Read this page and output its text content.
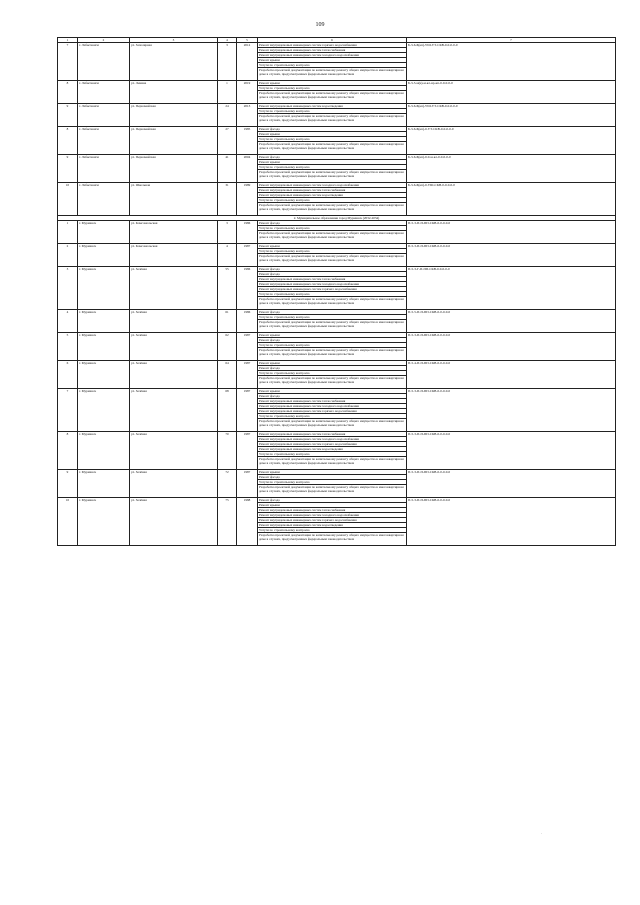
109
1	2	3	4	5	6	7
7	г. Лабытнанги	ул. Заполярная	3	2012	Ремонт внутридомовых инженерных систем горячего водоснабжения	Б-3-6-Б(кп)-УШ-УТ-СКВ-0-0-0-0-0
					Ремонт внутридомовых инженерных систем теплоснабжения	
					Ремонт внутридомовых инженерных систем холодного водоснабжения	
					Ремонт крыши	
					Услуги по строительному контролю	
					Разработка проектной документации по капитальному ремонту общего имущества в многоквартирном доме в случаях, предусмотренных федеральным законодательством	
8	г. Лабытнанги	ул. Ленина	1	2019	Ремонт крыши	Б-3-3-м(н)-м-кл-нр-кп-0-0-0-0-0
					Услуги по строительному контролю	
					Разработка проектной документации по капитальному ремонту общего имущества в многоквартирном доме в случаях, предусмотренных федеральным законодательством	
9	г. Лабытнанги	ул. Первомайская	24	2013	Ремонт внутридомовых инженерных систем водоотведения	Б-3-6-Б(кп)-УШ-УТ-СКВ-0-0-0-0-0
					Услуги по строительному контролю	
					Разработка проектной документации по капитальному ремонту общего имущества в многоквартирном доме в случаях, предусмотренных федеральным законодательством	
8	г. Лабытнанги	ул. Первомайская	27	1985	Ремонт фасада	Б-3-6-Б(кп)-0-УТ-СКВ-0-0-0-0-0
					Ремонт крыши	
					Услуги по строительному контролю	
					Разработка проектной документации по капитальному ремонту общего имущества в многоквартирном доме в случаях, предусмотренных федеральным законодательством	
9	г. Лабытнанги	ул. Первомайская	41	2004	Ремонт фасада	Б-3-6-Б(кп)-0-0-м-кл-0-0-0-0-0
					Ремонт крыши	
					Услуги по строительному контролю	
					Разработка проектной документации по капитальному ремонту общего имущества в многоквартирном доме в случаях, предусмотренных федеральным законодательством	
10	г. Лабытнанги	ул. Школьная	31	1989	Ремонт внутридомовых инженерных систем холодного водоснабжения	Б-3-6-Б(кп)-0-УШ-СКВ-0-0-0-0-0
					Ремонт внутридомовых инженерных систем теплоснабжения	
					Ремонт внутридомовых инженерных систем водоотведения	
					Услуги по строительному контролю	
					Разработка проектной документации по капитальному ремонту общего имущества в многоквартирном доме в случаях, предусмотренных федеральным законодательством	
2. Муниципальное образование город Мурманск (2032-2034)						
1	г. Мурманск	ул. Комсомольская	3	1986	Ремонт фасада	П-5-3-П-П-ПП-СКВ-0-0-0-0-0
					Услуги по строительному контролю	
					Разработка проектной документации по капитальному ремонту общего имущества в многоквартирном доме в случаях, предусмотренных федеральным законодательством	
2	г. Мурманск	ул. Комсомольская	4	1987	Ремонт крыши	П-5-3-П-П-ПП-СКВ-0-0-0-0-0
					Услуги по строительному контролю	
					Разработка проектной документации по капитальному ремонту общего имущества в многоквартирном доме в случаях, предусмотренных федеральным законодательством	
3	г. Мурманск	ул. Зелёная	55	1986	Ремонт фасада	П-5-3-Г-П-ПП-СКВ-0-0-0-0-0
					Ремонт фасада	
					Ремонт внутридомовых инженерных систем теплоснабжения	
					Ремонт внутридомовых инженерных систем холодного водоснабжения	
					Ремонт внутридомовых инженерных систем горячего водоснабжения	
					Услуги по строительному контролю	
					Разработка проектной документации по капитальному ремонту общего имущества в многоквартирном доме в случаях, предусмотренных федеральным законодательством	
4	г. Мурманск	ул. Зелёная	61	1986	Ремонт фасада	П-5-5-П-П-ПП-СКВ-0-0-0-0-0
					Услуги по строительному контролю	
					Разработка проектной документации по капитальному ремонту общего имущества в многоквартирном доме в случаях, предусмотренных федеральным законодательством	
5	г. Мурманск	ул. Зелёная	62	1987	Ремонт крыши	П-5-3-П-П-ПП-СКВ-0-0-0-0-0
					Ремонт фасада	
					Услуги по строительному контролю	
					Разработка проектной документации по капитальному ремонту общего имущества в многоквартирном доме в случаях, предусмотренных федеральным законодательством	
6	г. Мурманск	ул. Зелёная	64	1987	Ремонт крыши	П-5-4-П-П-ПП-СКВ-0-0-0-0-0
					Ремонт фасада	
					Услуги по строительному контролю	
					Разработка проектной документации по капитальному ремонту общего имущества в многоквартирном доме в случаях, предусмотренных федеральным законодательством	
7	г. Мурманск	ул. Зелёная	68	1987	Ремонт крыши	П-5-3-П-П-ПП-СКВ-0-0-0-0-0
					Ремонт фасада	
					Ремонт внутридомовых инженерных систем теплоснабжения	
					Ремонт внутридомовых инженерных систем холодного водоснабжения	
					Ремонт внутридомовых инженерных систем горячего водоснабжения	
					Услуги по строительному контролю	
					Разработка проектной документации по капитальному ремонту общего имущества в многоквартирном доме в случаях, предусмотренных федеральным законодательством	
8	г. Мурманск	ул. Зелёная	70	1987	Ремонт внутридомовых инженерных систем теплоснабжения	П-5-3-П-П-ПП-СКВ-0-0-0-0-0
					Ремонт внутридомовых инженерных систем холодного водоснабжения	
					Ремонт внутридомовых инженерных систем горячего водоснабжения	
					Ремонт внутридомовых инженерных систем водоотведения	
					Услуги по строительному контролю	
					Разработка проектной документации по капитальному ремонту общего имущества в многоквартирном доме в случаях, предусмотренных федеральным законодательством	
9	г. Мурманск	ул. Зелёная	72	1987	Ремонт крыши	П-5-3-П-П-ПП-СКВ-0-0-0-0-0
					Ремонт фасада	
					Услуги по строительному контролю	
					Разработка проектной документации по капитальному ремонту общего имущества в многоквартирном доме в случаях, предусмотренных федеральным законодательством	
10	г. Мурманск	ул. Зелёная	75	1988	Ремонт фасада	П-5-3-П-П-ПП-СКВ-0-0-0-0-0
					Ремонт крыши	
					Ремонт внутридомовых инженерных систем теплоснабжения	
					Ремонт внутридомовых инженерных систем холодного водоснабжения	
					Ремонт внутридомовых инженерных систем горячего водоснабжения	
					Ремонт внутридомовых инженерных систем водоотведения	
					Услуги по строительному контролю	
					Разработка проектной документации по капитальному ремонту общего имущества в многоквартирном доме в случаях, предусмотренных федеральным законодательством	
·
